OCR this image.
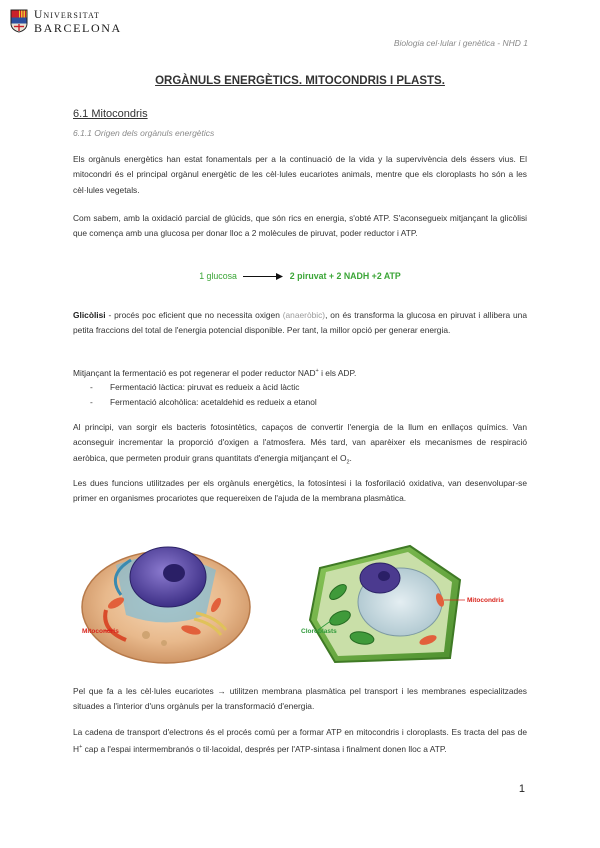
Universitat
BARCELONA
Biologia cel·lular i genètica - NHD 1
ORGÀNULS ENERGÈTICS. MITOCONDRIS I PLASTS.
6.1 Mitocondris
6.1.1 Origen dels orgànuls energètics
Els orgànuls energètics han estat fonamentals per a la continuació de la vida y la supervivència dels éssers vius. El mitocondri és el principal orgànul energètic de les cèl·lules eucariotes animals, mentre que els cloroplasts ho són a les cèl·lules vegetals.
Com sabem, amb la oxidació parcial de glúcids, que són rics en energia, s'obté ATP. S'aconsegueix mitjançant la glicòlisi que comença amb una glucosa per donar lloc a 2 molècules de piruvat, poder reductor i ATP.
1 glucosa	2 piruvat + 2 NADH +2 ATP
Glicòlisi - procés poc eficient que no necessita oxigen (anaeròbic), on és transforma la glucosa en piruvat i allibera una petita fraccions del total de l'energia potencial disponible. Per tant, la millor opció per generar energia.
Mitjançant la fermentació es pot regenerar el poder reductor NAD+ i els ADP.
- Fermentació làctica: piruvat es redueix a àcid làctic
- Fermentació alcohòlica: acetaldehid es redueix a etanol
Al principi, van sorgir els bacteris fotosintètics, capaços de convertir l'energia de la llum en enllaços químics. Van aconseguir incrementar la proporció d'oxigen a l'atmosfera. Més tard, van aparèixer els mecanismes de respiració aeròbica, que permeten produir grans quantitats d'energia mitjançant el $O_2$.
Les dues funcions utilitzades per els orgànuls energètics, la fotosíntesi i la fosforilació oxidativa, van desenvolupar-se primer en organismes procariotes que requereixen de l'ajuda de la membrana plasmàtica.
Mitocondris
Mitocondris
Cloroplasts
Pel que fa a les cèl·lules eucariotes → utilitzen membrana plasmàtica pel transport i les membranes especialitzades situades a l'interior d'uns orgànuls per la transformació d'energia.
La cadena de transport d'electrons és el procés comú per a formar ATP en mitocondris i cloroplasts. Es tracta del pas de H+ cap a l'espai intermembranós o til·lacoidal, després per l'ATP-sintasa i finalment donen lloc a ATP.
1
